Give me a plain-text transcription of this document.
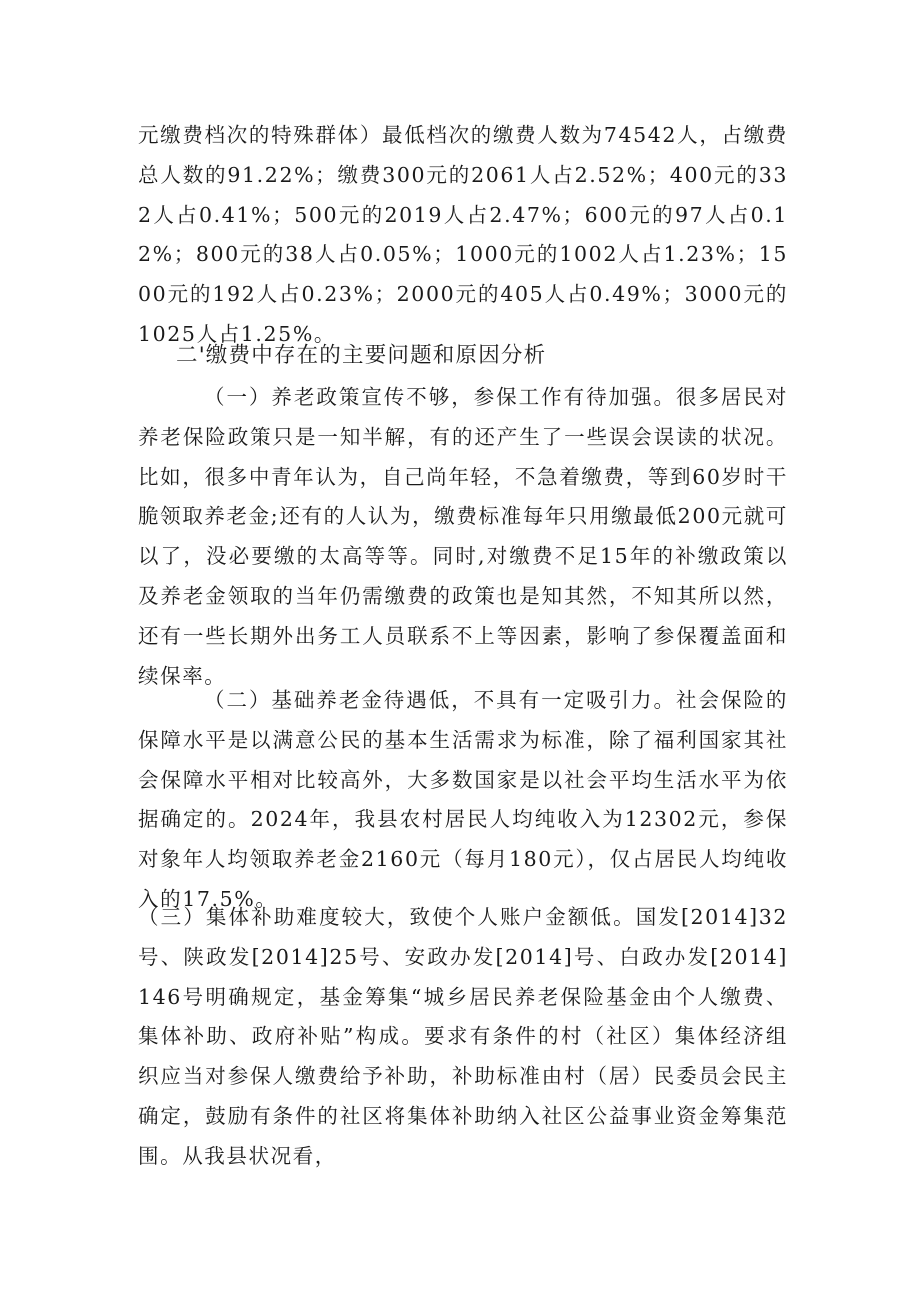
元缴费档次的特殊群体）最低档次的缴费人数为74542人，占缴费总人数的91.22%；缴费300元的2061人占2.52%；400元的332人占0.41%；500元的2019人占2.47%；600元的97人占0.12%；800元的38人占0.05%；1000元的1002人占1.23%；1500元的192人占0.23%；2000元的405人占0.49%；3000元的1025人占1.25%。

二'缴费中存在的主要问题和原因分析

（一）养老政策宣传不够，参保工作有待加强。很多居民对养老保险政策只是一知半解，有的还产生了一些误会误读的状况。比如，很多中青年认为，自己尚年轻，不急着缴费，等到60岁时干脆领取养老金;还有的人认为，缴费标准每年只用缴最低200元就可以了，没必要缴的太高等等。同时,对缴费不足15年的补缴政策以及养老金领取的当年仍需缴费的政策也是知其然，不知其所以然，还有一些长期外出务工人员联系不上等因素，影响了参保覆盖面和续保率。

（二）基础养老金待遇低，不具有一定吸引力。社会保险的保障水平是以满意公民的基本生活需求为标准，除了福利国家其社会保障水平相对比较高外，大多数国家是以社会平均生活水平为依据确定的。2024年，我县农村居民人均纯收入为12302元，参保对象年人均领取养老金2160元（每月180元），仅占居民人均纯收入的17.5%。

（三）集体补助难度较大，致使个人账户金额低。国发[2014]32号、陕政发[2014]25号、安政办发[2014]号、白政办发[2014]146号明确规定，基金筹集“城乡居民养老保险基金由个人缴费、集体补助、政府补贴”构成。要求有条件的村（社区）集体经济组织应当对参保人缴费给予补助，补助标准由村（居）民委员会民主确定，鼓励有条件的社区将集体补助纳入社区公益事业资金筹集范围。从我县状况看，
